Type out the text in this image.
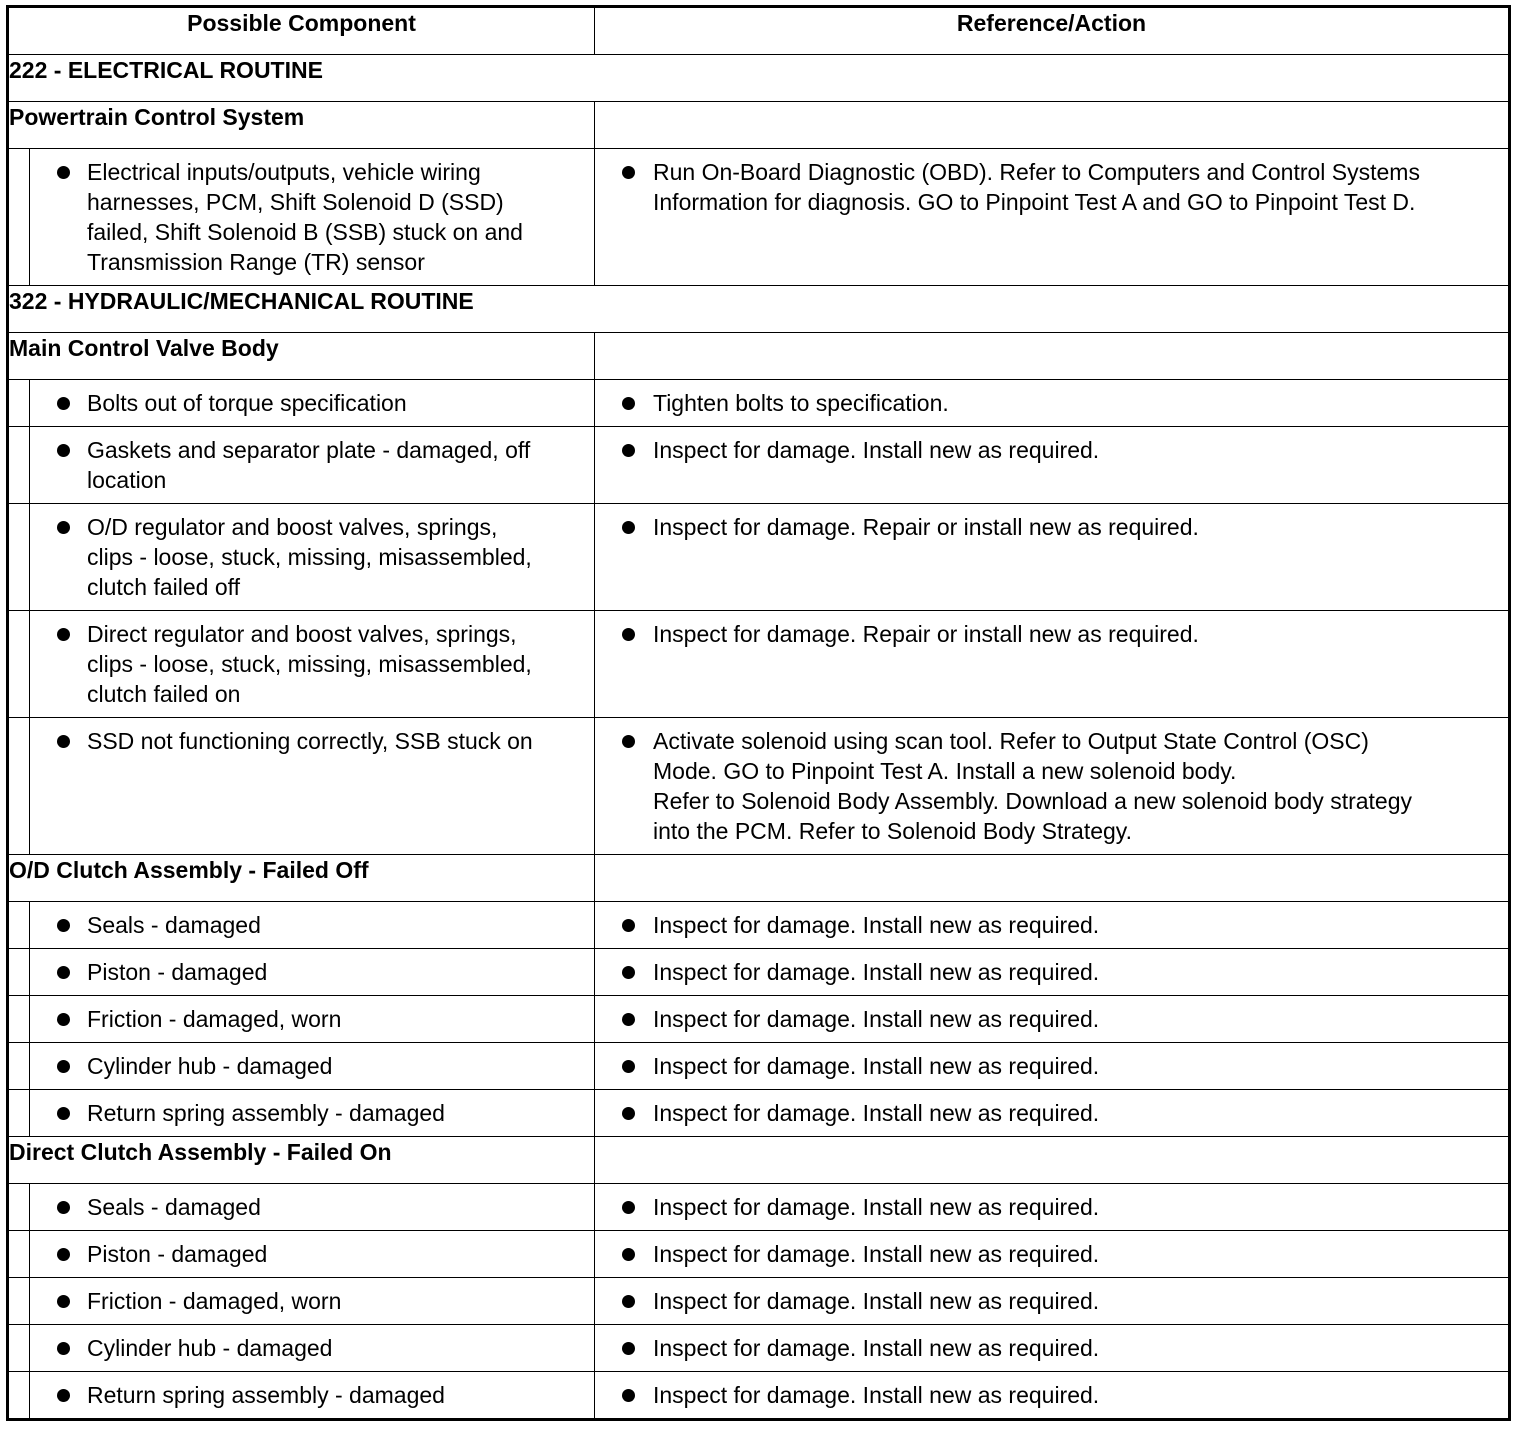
Possible Component		Reference/Action
222 - ELECTRICAL ROUTINE		
Powertrain Control System		

	Electrical inputs/outputs, vehicle wiring
harnesses, PCM, Shift Solenoid D (SSD)
failed, Shift Solenoid B (SSB) stuck on and
Transmission Range (TR) sensor	Run On-Board Diagnostic (OBD). Refer to Computers and Control Systems
Information for diagnosis. GO to Pinpoint Test A and GO to Pinpoint Test D.

322 - HYDRAULIC/MECHANICAL ROUTINE		
Main Control Valve Body		

	Bolts out of torque specification	Tighten bolts to specification.

	Gaskets and separator plate - damaged, off
location	Inspect for damage. Install new as required.

	O/D regulator and boost valves, springs,
clips - loose, stuck, missing, misassembled,
clutch failed off	Inspect for damage. Repair or install new as required.

	Direct regulator and boost valves, springs,
clips - loose, stuck, missing, misassembled,
clutch failed on	Inspect for damage. Repair or install new as required.

	SSD not functioning correctly, SSB stuck on	Activate solenoid using scan tool. Refer to Output State Control (OSC)
Mode. GO to Pinpoint Test A. Install a new solenoid body.
Refer to Solenoid Body Assembly. Download a new solenoid body strategy
into the PCM. Refer to Solenoid Body Strategy.

O/D Clutch Assembly - Failed Off		

	Seals - damaged	Inspect for damage. Install new as required.

	Piston - damaged	Inspect for damage. Install new as required.

	Friction - damaged, worn	Inspect for damage. Install new as required.

	Cylinder hub - damaged	Inspect for damage. Install new as required.

	Return spring assembly - damaged	Inspect for damage. Install new as required.

Direct Clutch Assembly - Failed On		

	Seals - damaged	Inspect for damage. Install new as required.

	Piston - damaged	Inspect for damage. Install new as required.

	Friction - damaged, worn	Inspect for damage. Install new as required.

	Cylinder hub - damaged	Inspect for damage. Install new as required.

	Return spring assembly - damaged	Inspect for damage. Install new as required.
